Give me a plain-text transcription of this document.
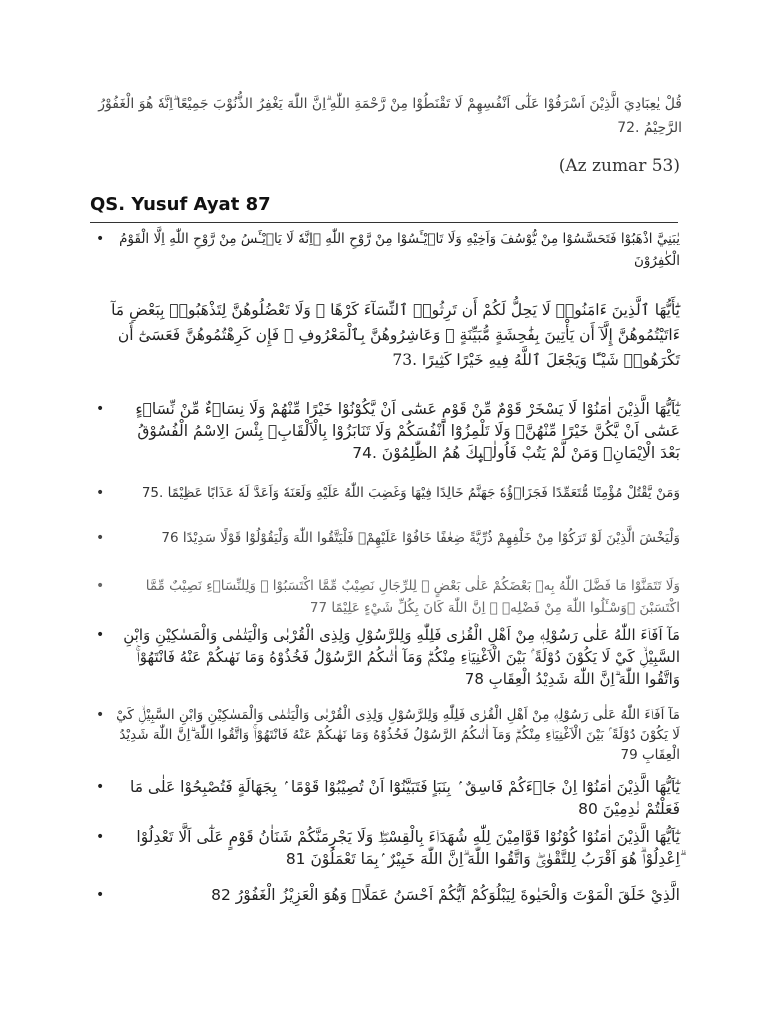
قُلْ يٰعِبَادِيَ الَّذِيْنَ اَسْرَفُوْا عَلٰٓى اَنْفُسِهِمْ لَا تَقْنَطُوْا مِنْ رَّحْمَةِ اللّٰهِ ۗاِنَّ اللّٰهَ يَغْفِرُ الذُّنُوْبَ جَمِيْعًا ۗاِنَّهٗ هُوَ الْغَفُوْرُ الرَّحِيْمُ .72
(Az zumar 53)
QS. Yusuf Ayat 87
• يٰبَنِيَّ اذْهَبُوْا فَتَحَسَّسُوْا مِنْ يُّوْسُفَ وَاَخِيْهِ وَلَا تَا۟يْـَٔسُوْا مِنْ رَّوْحِ اللّٰهِ ۗاِنَّهٗ لَا يَا۟يْـَٔسُ مِنْ رَّوْحِ اللّٰهِ اِلَّا الْقَوْمُ الْكٰفِرُوْنَ
يَٰٓأَيُّهَا ٱلَّذِينَ ءَامَنُوا۟ لَا يَحِلُّ لَكُمْ أَن تَرِثُوا۟ ٱلنِّسَآءَ كَرْهًا ۖ وَلَا تَعْضُلُوهُنَّ لِتَذْهَبُوا۟ بِبَعْضِ مَآ ءَاتَيْتُمُوهُنَّ إِلَّآ أَن يَأْتِينَ بِفَٰحِشَةٍ مُّبَيِّنَةٍ ۚ وَعَاشِرُوهُنَّ بِٱلْمَعْرُوفِ ۚ فَإِن كَرِهْتُمُوهُنَّ فَعَسَىٰٓ أَن تَكْرَهُوا۟ شَيْـًٔا وَيَجْعَلَ ٱللَّهُ فِيهِ خَيْرًا كَثِيرًا .73
•	يٰٓاَيُّهَا الَّذِيْنَ اٰمَنُوْا لَا يَسْخَرْ قَوْمٌ مِّنْ قَوْمٍ عَسٰٓى اَنْ يَّكُوْنُوْا خَيْرًا مِّنْهُمْ وَلَا نِسَاۤءٌ مِّنْ نِّسَاۤءٍ عَسٰٓى اَنْ يَّكُنَّ خَيْرًا مِّنْهُنَّۚ وَلَا تَلْمِزُوْٓا اَنْفُسَكُمْ وَلَا تَنَابَزُوْا بِالْاَلْقَابِۗ بِئْسَ الِاسْمُ الْفُسُوْقُ بَعْدَ الْاِيْمَانِۚ وَمَنْ لَّمْ يَتُبْ فَاُولٰۤىِٕكَ هُمُ الظّٰلِمُوْنَ .74
•	وَمَنْ يَّقْتُلْ مُؤْمِنًا مُّتَعَمِّدًا فَجَزَاۤؤُهٗ جَهَنَّمُ خَالِدًا فِيْهَا وَغَضِبَ اللّٰهُ عَلَيْهِ وَلَعَنَهٗ وَاَعَدَّ لَهٗ عَذَابًا عَظِيْمًا .75
•	وَلْيَخْشَ الَّذِيْنَ لَوْ تَرَكُوْا مِنْ خَلْفِهِمْ ذُرِّيَّةً ضِعٰفًا خَافُوْا عَلَيْهِمْۖ فَلْيَتَّقُوا اللّٰهَ وَلْيَقُوْلُوْا قَوْلًا سَدِيْدًا 76
•	وَلَا تَتَمَنَّوْا مَا فَضَّلَ اللّٰهُ بِهٖ بَعْضَكُمْ عَلٰى بَعْضٍ ۗ لِلرِّجَالِ نَصِيْبٌ مِّمَّا اكْتَسَبُوْا ۗ وَلِلنِّسَاۤءِ نَصِيْبٌ مِّمَّا اكْتَسَبْنَ ۗوَسْـَٔلُوا اللّٰهَ مِنْ فَضْلِهٖ ۗ اِنَّ اللّٰهَ كَانَ بِكُلِّ شَيْءٍ عَلِيْمًا 77
•	مَآ اَفَاۤءَ اللّٰهُ عَلٰى رَسُوْلِهٖ مِنْ اَهْلِ الْقُرٰى فَلِلّٰهِ وَلِلرَّسُوْلِ وَلِذِى الْقُرْبٰى وَالْيَتٰمٰى وَالْمَسٰكِيْنِ وَابْنِ السَّبِيْلِۙ كَيْ لَا يَكُوْنَ دُوْلَةً ۢ بَيْنَ الْاَغْنِيَاۤءِ مِنْكُمْۗ وَمَآ اٰتٰىكُمُ الرَّسُوْلُ فَخُذُوْهُ وَمَا نَهٰىكُمْ عَنْهُ فَانْتَهُوْاۚ وَاتَّقُوا اللّٰهَ ۗاِنَّ اللّٰهَ شَدِيْدُ الْعِقَابِ 78
• مَآ اَفَاۤءَ اللّٰهُ عَلٰى رَسُوْلِهٖ مِنْ اَهْلِ الْقُرٰى فَلِلّٰهِ وَلِلرَّسُوْلِ وَلِذِى الْقُرْبٰى وَالْيَتٰمٰى وَالْمَسٰكِيْنِ وَابْنِ السَّبِيْلِۙ كَيْ لَا يَكُوْنَ دُوْلَةً ۢ بَيْنَ الْاَغْنِيَاۤءِ مِنْكُمْۗ وَمَآ اٰتٰىكُمُ الرَّسُوْلُ فَخُذُوْهُ وَمَا نَهٰىكُمْ عَنْهُ فَانْتَهُوْاۚ وَاتَّقُوا اللّٰهَ ۗاِنَّ اللّٰهَ شَدِيْدُ الْعِقَابِ 79
•	يٰٓاَيُّهَا الَّذِيْنَ اٰمَنُوْٓا اِنْ جَاۤءَكُمْ فَاسِقٌ ۢ بِنَبَاٍ فَتَبَيَّنُوْٓا اَنْ تُصِيْبُوْا قَوْمًا ۢ بِجَهَالَةٍ فَتُصْبِحُوْا عَلٰى مَا فَعَلْتُمْ نٰدِمِيْنَ 80
•	يٰٓاَيُّهَا الَّذِيْنَ اٰمَنُوْا كُوْنُوْا قَوَّامِيْنَ لِلّٰهِ شُهَدَاۤءَ بِالْقِسْطِۖ وَلَا يَجْرِمَنَّكُمْ شَنَاٰنُ قَوْمٍ عَلٰٓى اَلَّا تَعْدِلُوْا ۗاِعْدِلُوْاۗ هُوَ اَقْرَبُ لِلتَّقْوٰىۖ وَاتَّقُوا اللّٰهَ ۗاِنَّ اللّٰهَ خَبِيْرٌ ۢبِمَا تَعْمَلُوْنَ 81
•	الَّذِيْ خَلَقَ الْمَوْتَ وَالْحَيٰوةَ لِيَبْلُوَكُمْ اَيُّكُمْ اَحْسَنُ عَمَلًاۗ وَهُوَ الْعَزِيْزُ الْغَفُوْرُ 82
